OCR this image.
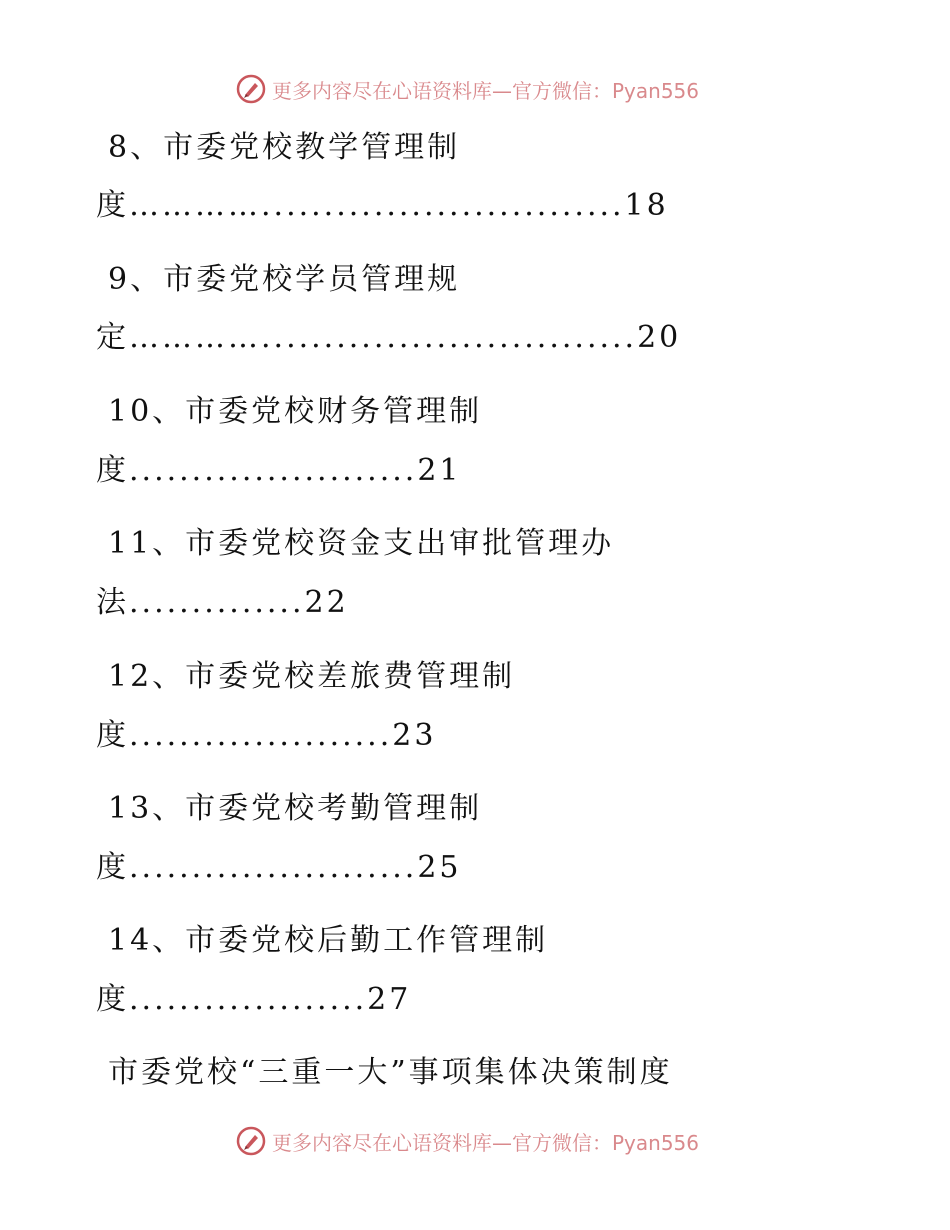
更多内容尽在心语资料库—官方微信：Pyan556
8、市委党校教学管理制
度………….............................18
9、市委党校学员管理规
定…………..............................20
10、市委党校财务管理制
度.......................21
11、市委党校资金支出审批管理办
法..............22
12、市委党校差旅费管理制
度.....................23
13、市委党校考勤管理制
度.......................25
14、市委党校后勤工作管理制
度...................27
市委党校“三重一大”事项集体决策制度
更多内容尽在心语资料库—官方微信：Pyan556
